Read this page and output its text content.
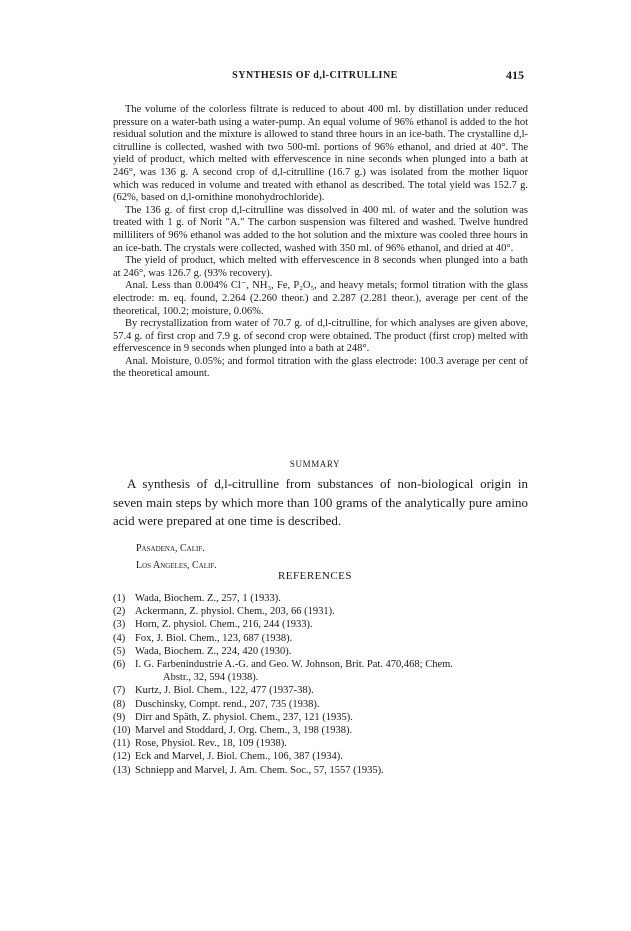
SYNTHESIS OF d,l-CITRULLINE	415

The volume of the colorless filtrate is reduced to about 400 ml. by distillation under reduced pressure on a water-bath using a water-pump. An equal volume of 96% ethanol is added to the hot residual solution and the mixture is allowed to stand three hours in an ice-bath. The crystalline d,l-citrulline is collected, washed with two 500-ml. portions of 96% ethanol, and dried at 40°. The yield of product, which melted with effervescence in nine seconds when plunged into a bath at 246°, was 136 g. A second crop of d,l-citrulline (16.7 g.) was isolated from the mother liquor which was reduced in volume and treated with ethanol as described. The total yield was 152.7 g. (62%, based on d,l-ornithine monohydrochloride).

The 136 g. of first crop d,l-citrulline was dissolved in 400 ml. of water and the solution was treated with 1 g. of Norit "A." The carbon suspension was filtered and washed. Twelve hundred milliliters of 96% ethanol was added to the hot solution and the mixture was cooled three hours in an ice-bath. The crystals were collected, washed with 350 ml. of 96% ethanol, and dried at 40°.

The yield of product, which melted with effervescence in 8 seconds when plunged into a bath at 246°, was 126.7 g. (93% recovery).

Anal. Less than 0.004% Cl⁻, NH₃, Fe, P₂O₅, and heavy metals; formol titration with the glass electrode: m. eq. found, 2.264 (2.260 theor.) and 2.287 (2.281 theor.), average per cent of the theoretical, 100.2; moisture, 0.06%.

By recrystallization from water of 70.7 g. of d,l-citrulline, for which analyses are given above, 57.4 g. of first crop and 7.9 g. of second crop were obtained. The product (first crop) melted with effervescence in 9 seconds when plunged into a bath at 248°.

Anal. Moisture, 0.05%; and formol titration with the glass electrode: 100.3 average per cent of the theoretical amount.

SUMMARY

A synthesis of d,l-citrulline from substances of non-biological origin in seven main steps by which more than 100 grams of the analytically pure amino acid were prepared at one time is described.

Pasadena, Calif.
Los Angeles, Calif.
REFERENCES
(1) Wada, Biochem. Z., 257, 1 (1933).
(2) Ackermann, Z. physiol. Chem., 203, 66 (1931).
(3) Horn, Z. physiol. Chem., 216, 244 (1933).
(4) Fox, J. Biol. Chem., 123, 687 (1938).
(5) Wada, Biochem. Z., 224, 420 (1930).
(6) I. G. Farbenindustrie A.-G. and Geo. W. Johnson, Brit. Pat. 470,468; Chem.
Abstr., 32, 594 (1938).
(7) Kurtz, J. Biol. Chem., 122, 477 (1937-38).
(8) Duschinsky, Compt. rend., 207, 735 (1938).
(9) Dirr and Späth, Z. physiol. Chem., 237, 121 (1935).
(10) Marvel and Stoddard, J. Org. Chem., 3, 198 (1938).
(11) Rose, Physiol. Rev., 18, 109 (1938).
(12) Eck and Marvel, J. Biol. Chem., 106, 387 (1934).
(13) Schniepp and Marvel, J. Am. Chem. Soc., 57, 1557 (1935).
